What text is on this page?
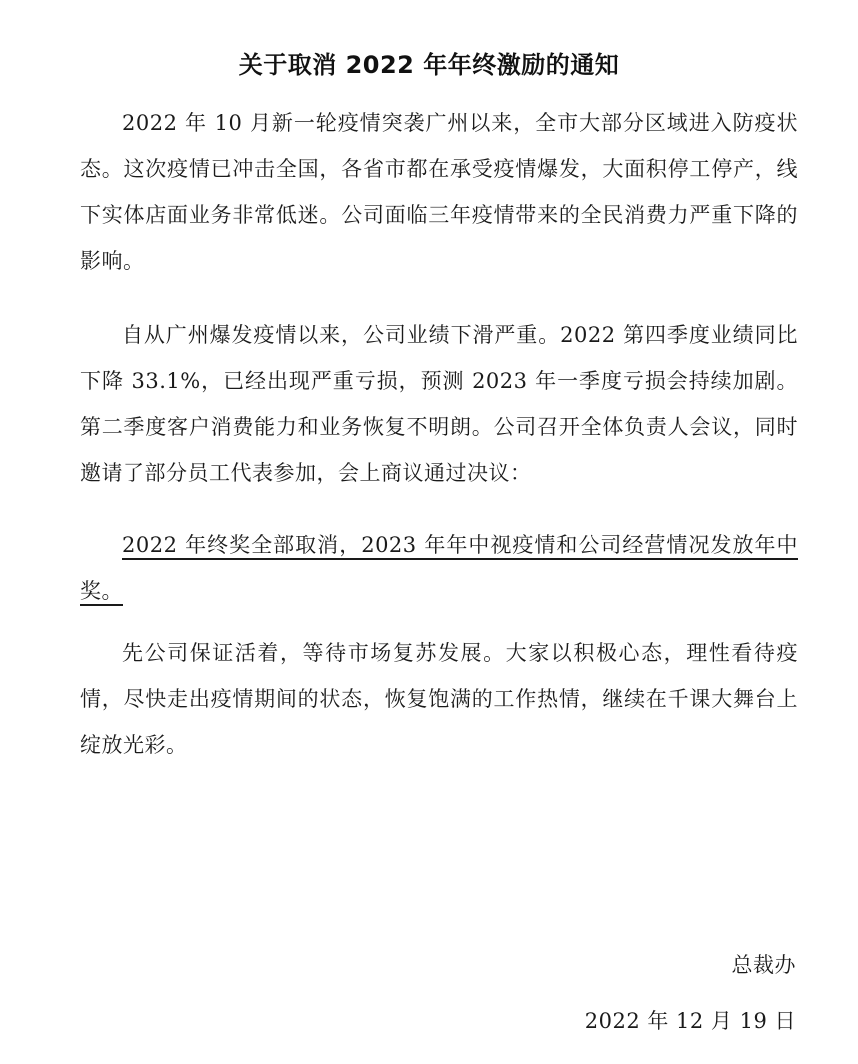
关于取消 2022 年年终激励的通知

2022 年 10 月新一轮疫情突袭广州以来，全市大部分区域进入防疫状态。这次疫情已冲击全国，各省市都在承受疫情爆发，大面积停工停产，线下实体店面业务非常低迷。公司面临三年疫情带来的全民消费力严重下降的影响。

自从广州爆发疫情以来，公司业绩下滑严重。2022 第四季度业绩同比下降 33.1%，已经出现严重亏损，预测 2023 年一季度亏损会持续加剧。第二季度客户消费能力和业务恢复不明朗。公司召开全体负责人会议，同时邀请了部分员工代表参加，会上商议通过决议：

2022 年终奖全部取消，2023 年年中视疫情和公司经营情况发放年中奖。

先公司保证活着，等待市场复苏发展。大家以积极心态，理性看待疫情，尽快走出疫情期间的状态，恢复饱满的工作热情，继续在千课大舞台上绽放光彩。

总裁办
2022 年 12 月 19 日
